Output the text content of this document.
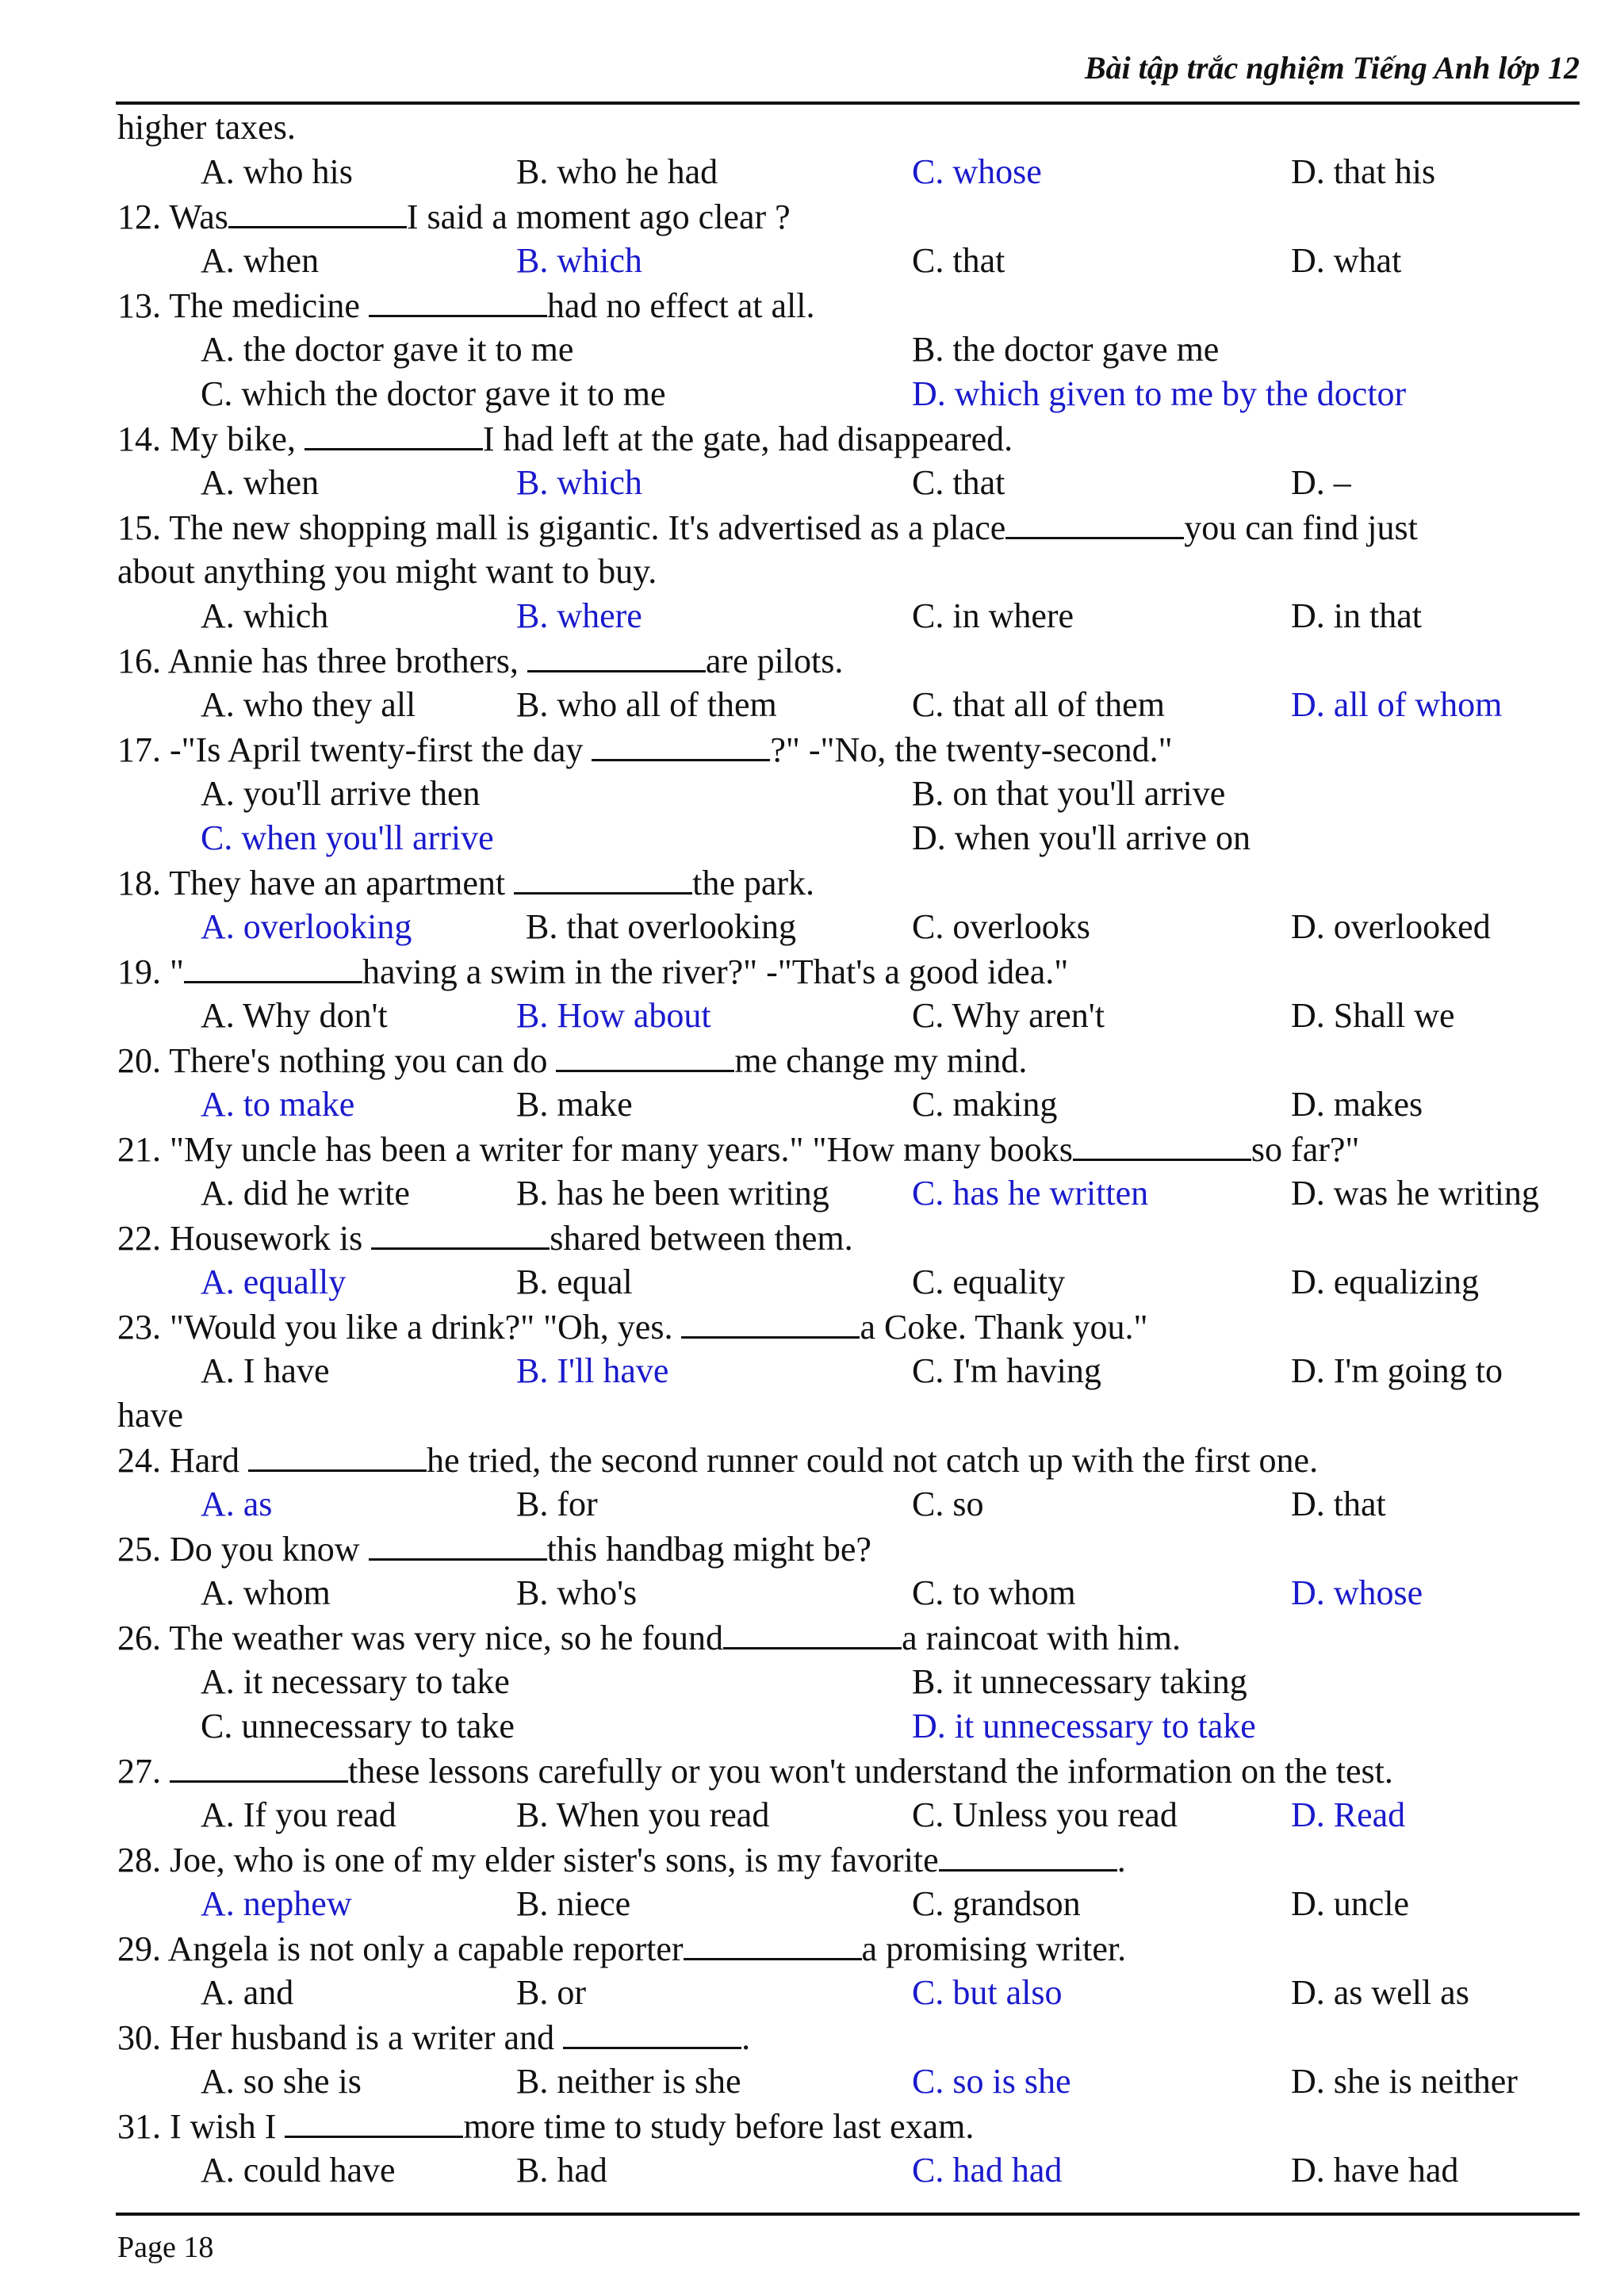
Bài tập trắc nghiệm Tiếng Anh lớp 12
higher taxes.
A. who his	B. who he had	C. whose	D. that his
12. Was	I said a moment ago clear ?
A. when	B. which	C. that	D. what
13. The medicine	had no effect at all.
A. the doctor gave it to me	B. the doctor gave me
C. which the doctor gave it to me	D. which given to me by the doctor
14. My bike,	I had left at the gate, had disappeared.
A. when	B. which	C. that	D. –
15. The new shopping mall is gigantic. It's advertised as a place	you can find just
about anything you might want to buy.
A. which	B. where	C. in where	D. in that
16. Annie has three brothers,	are pilots.
A. who they all	B. who all of them	C. that all of them	D. all of whom
17. -"Is April twenty-first the day	?" -"No, the twenty-second."
A. you'll arrive then	B. on that you'll arrive
C. when you'll arrive	D. when you'll arrive on
18. They have an apartment	the park.
A. overlooking	B. that overlooking	C. overlooks	D. overlooked
19. "	having a swim in the river?" -"That's a good idea."
A. Why don't	B. How about	C. Why aren't	D. Shall we
20. There's nothing you can do	me change my mind.
A. to make	B. make	C. making	D. makes
21. "My uncle has been a writer for many years." "How many books	so far?"
A. did he write	B. has he been writing C. has he written	D. was he writing
22. Housework is	shared between them.
A. equally	B. equal	C. equality	D. equalizing
23. "Would you like a drink?" "Oh, yes.	a Coke. Thank you."
A. I have	B. I'll have	C. I'm having	D. I'm going to
have
24. Hard	he tried, the second runner could not catch up with the first one.
A. as	B. for	C. so	D. that
25. Do you know	this handbag might be?
A. whom	B. who's	C. to whom	D. whose
26. The weather was very nice, so he found	a raincoat with him.
A. it necessary to take	B. it unnecessary taking
C. unnecessary to take	D. it unnecessary to take
27.	these lessons carefully or you won't understand the information on the test.
A. If you read	B. When you read	C. Unless you read	D. Read
28. Joe, who is one of my elder sister's sons, is my favorite	.
A. nephew	B. niece	C. grandson	D. uncle
29. Angela is not only a capable reporter	a promising writer.
A. and	B. or	C. but also	D. as well as
30. Her husband is a writer and	.
A. so she is	B. neither is she	C. so is she	D. she is neither
31. I wish I	more time to study before last exam.
A. could have	B. had	C. had had	D. have had
Page 18
